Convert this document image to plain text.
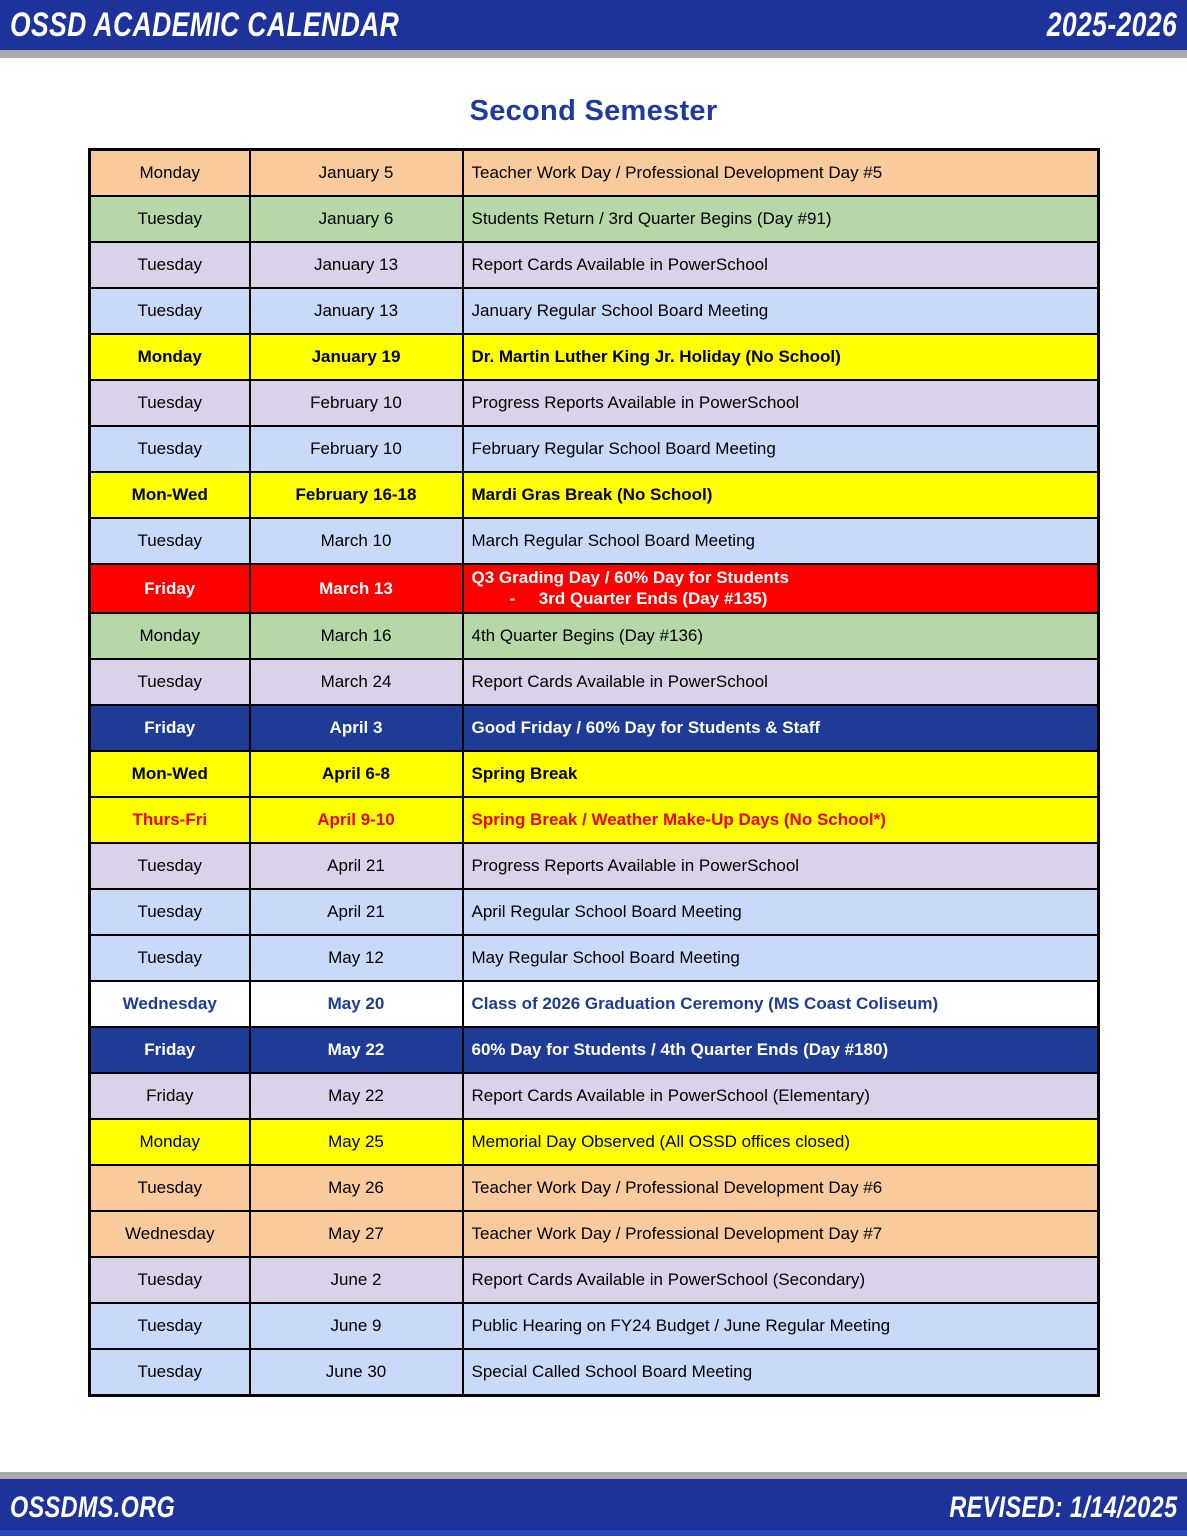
OSSD ACADEMIC CALENDAR	2025-2026
Second Semester
Monday	January 5	Teacher Work Day / Professional Development Day #5

Tuesday	January 6	Students Return / 3rd Quarter Begins (Day #91)

Tuesday	January 13	Report Cards Available in PowerSchool

Tuesday	January 13	January Regular School Board Meeting

Monday	January 19	Dr. Martin Luther King Jr. Holiday (No School)

Tuesday	February 10	Progress Reports Available in PowerSchool

Tuesday	February 10	February Regular School Board Meeting

Mon-Wed	February 16-18	Mardi Gras Break (No School)

Tuesday	March 10	March Regular School Board Meeting

Friday	March 13	Q3 Grading Day / 60% Day for Students
-     3rd Quarter Ends (Day #135)

Monday	March 16	4th Quarter Begins (Day #136)

Tuesday	March 24	Report Cards Available in PowerSchool

Friday	April 3	Good Friday / 60% Day for Students & Staff

Mon-Wed	April 6-8	Spring Break

Thurs-Fri	April 9-10	Spring Break / Weather Make-Up Days (No School*)

Tuesday	April 21	Progress Reports Available in PowerSchool

Tuesday	April 21	April Regular School Board Meeting

Tuesday	May 12	May Regular School Board Meeting

Wednesday	May 20	Class of 2026 Graduation Ceremony (MS Coast Coliseum)

Friday	May 22	60% Day for Students / 4th Quarter Ends (Day #180)

Friday	May 22	Report Cards Available in PowerSchool (Elementary)

Monday	May 25	Memorial Day Observed (All OSSD offices closed)

Tuesday	May 26	Teacher Work Day / Professional Development Day #6

Wednesday	May 27	Teacher Work Day / Professional Development Day #7

Tuesday	June 2	Report Cards Available in PowerSchool (Secondary)

Tuesday	June 9	Public Hearing on FY24 Budget / June Regular Meeting

Tuesday	June 30	Special Called School Board Meeting
OSSDMS.ORG	REVISED: 1/14/2025
